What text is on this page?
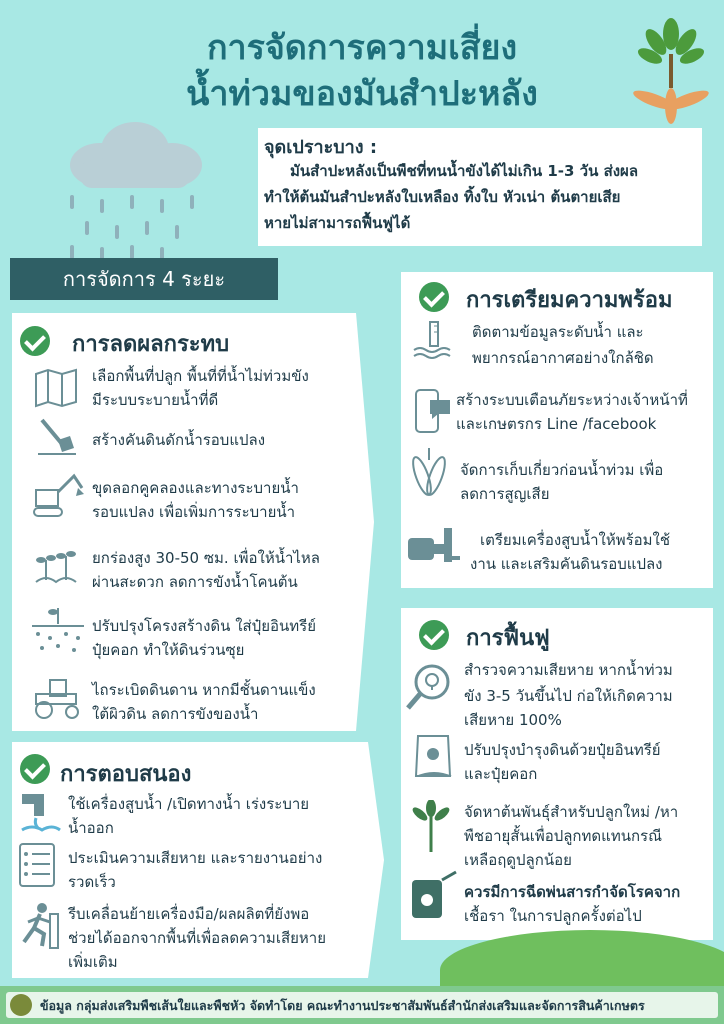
การจัดการความเสี่ยง
น้ำท่วมของมันสำปะหลัง
จุดเปราะบาง :
มันสำปะหลังเป็นพืชที่ทนน้ำขังได้ไม่เกิน 1-3 วัน ส่งผล
ทำให้ต้นมันสำปะหลังใบเหลือง ทิ้งใบ หัวเน่า ต้นตายเสีย
หายไม่สามารถฟื้นฟูได้
การจัดการ 4 ระยะ
การลดผลกระทบ
เลือกพื้นที่ปลูก พื้นที่ที่น้ำไม่ท่วมขัง
มีระบบระบายน้ำที่ดี
สร้างคันดินดักน้ำรอบแปลง
ขุดลอกคูคลองและทางระบายน้ำ
รอบแปลง เพื่อเพิ่มการระบายน้ำ
ยกร่องสูง 30-50 ซม. เพื่อให้น้ำไหล
ผ่านสะดวก ลดการขังน้ำโคนต้น
ปรับปรุงโครงสร้างดิน ใส่ปุ๋ยอินทรีย์
ปุ๋ยคอก ทำให้ดินร่วนซุย
ไถระเบิดดินดาน หากมีชั้นดานแข็ง
ใต้ผิวดิน ลดการขังของน้ำ
การเตรียมความพร้อม
ติดตามข้อมูลระดับน้ำ และ
พยากรณ์อากาศอย่างใกล้ชิด
สร้างระบบเตือนภัยระหว่างเจ้าหน้าที่
และเกษตรกร Line /facebook
จัดการเก็บเกี่ยวก่อนน้ำท่วม เพื่อ
ลดการสูญเสีย
เตรียมเครื่องสูบน้ำให้พร้อมใช้
งาน และเสริมคันดินรอบแปลง
การฟื้นฟู
สำรวจความเสียหาย หากน้ำท่วม
ขัง 3-5 วันขึ้นไป ก่อให้เกิดความ
เสียหาย 100%
ปรับปรุงบำรุงดินด้วยปุ๋ยอินทรีย์
และปุ๋ยคอก
จัดหาต้นพันธุ์สำหรับปลูกใหม่ /หา
พืชอายุสั้นเพื่อปลูกทดแทนกรณี
เหลือฤดูปลูกน้อย
ควรมีการฉีดพ่นสารกำจัดโรคจาก
เชื้อรา ในการปลูกครั้งต่อไป
การตอบสนอง
ใช้เครื่องสูบน้ำ /เปิดทางน้ำ เร่งระบาย
น้ำออก
ประเมินความเสียหาย และรายงานอย่าง
รวดเร็ว
รีบเคลื่อนย้ายเครื่องมือ/ผลผลิตที่ยังพอ
ช่วยได้ออกจากพื้นที่เพื่อลดความเสียหาย
เพิ่มเติม
ข้อมูล กลุ่มส่งเสริมพืชเส้นใยและพืชหัว จัดทำโดย คณะทำงานประชาสัมพันธ์สำนักส่งเสริมและจัดการสินค้าเกษตร
